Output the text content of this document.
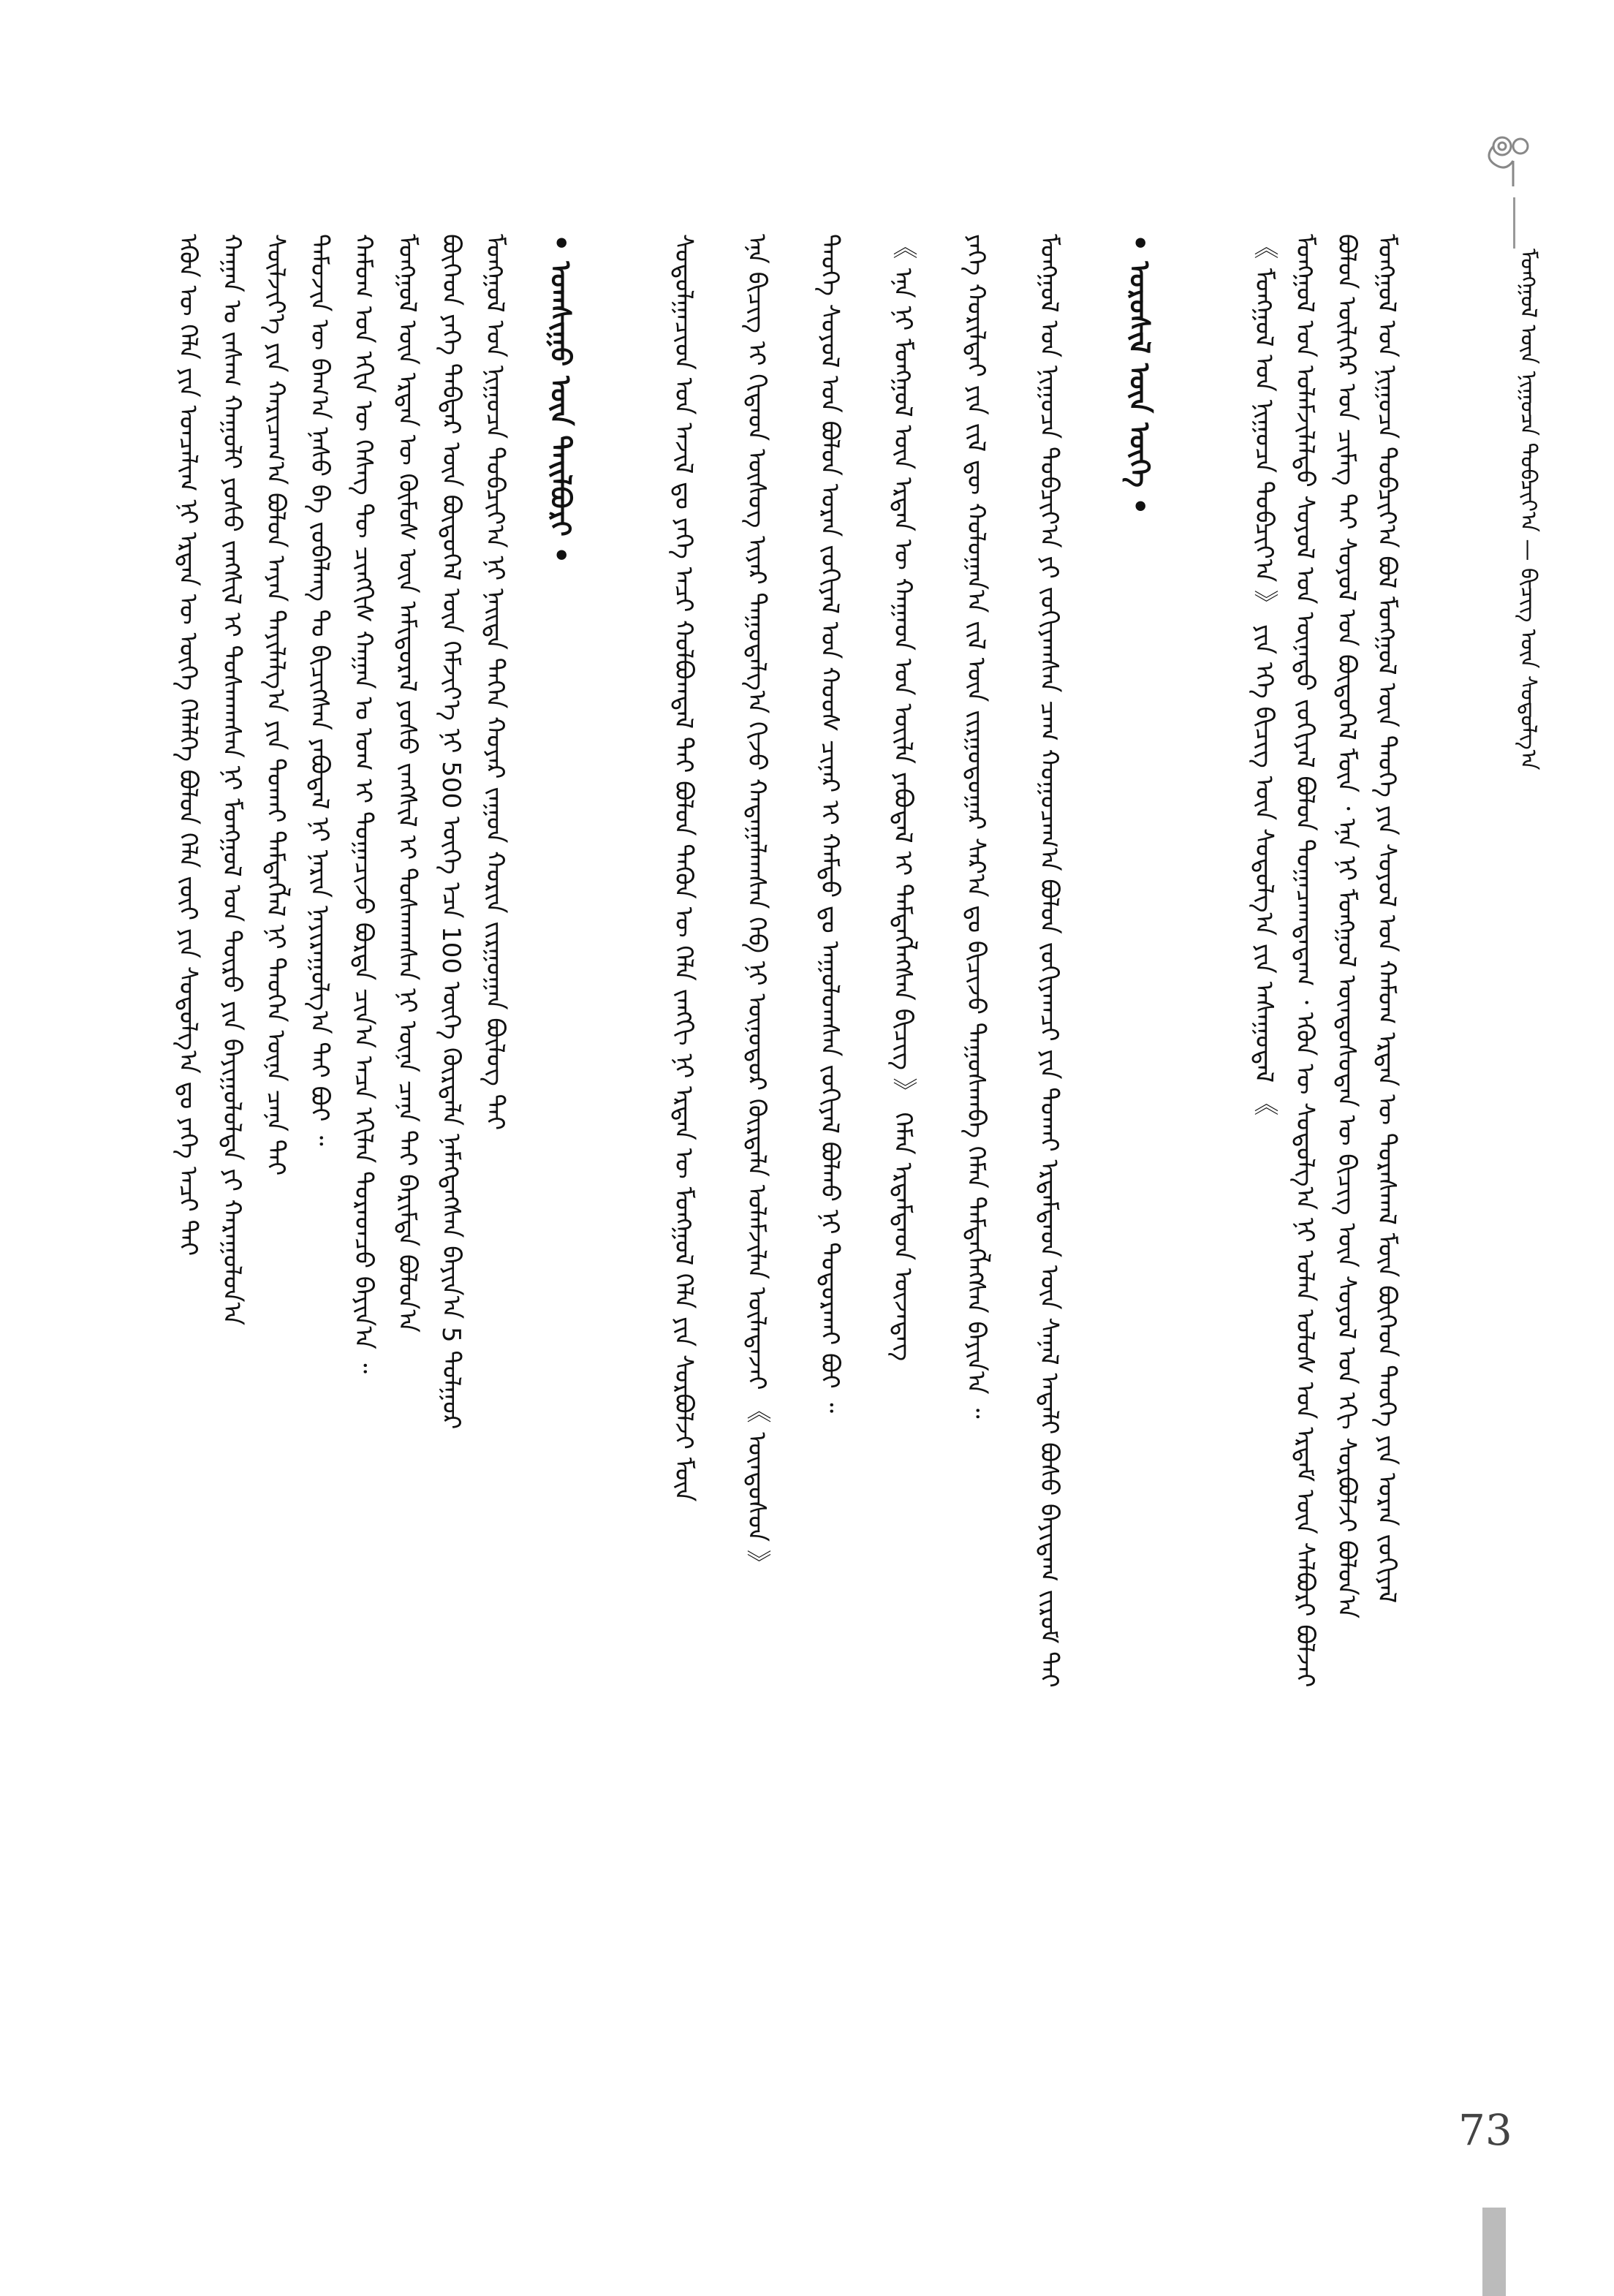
73
ᠮᠣᠩᠭᠣᠯ ᠦᠨ ᠨᠢᠭᠤᠴᠠ ᠲᠣᠪᠴᠢᠶ᠎ᠠ — ᠪᠢᠴᠢᠭ ᠦᠨ ᠰᠤᠳᠤᠯᠭ᠎ᠠ
ᠮᠣᠩᠭᠣᠯ ᠤᠨ ᠨᠢᠭᠤᠴᠠ ᠲᠣᠪᠴᠢᠶ᠎ᠠ ᠪᠣᠯ ᠮᠣᠩᠭᠣᠯ ᠦᠨ ᠲᠡᠦᠬᠡ ᠶᠢᠨ ᠰᠣᠶᠣᠯ ᠤᠨ ᠬᠠᠮᠤᠭ ᠡᠷᠲᠡᠨ ᠦ ᠳᠤᠷᠠᠰᠬᠠᠯ ᠮᠥᠨ ᠪᠥᠭᠡᠳ ᠲᠡᠦᠬᠡ ᠶᠢᠨ ᠤᠷᠠᠨ ᠵᠣᠬᠢᠶᠠᠯ
ᠪᠣᠯᠤᠨ ᠦᠯᠢᠭᠡᠷ ᠤᠨ ᠴᠢᠮᠡᠭ ᠲᠡᠢ ᠰᠣᠶᠣᠯ ᠤᠨ ᠪᠦᠲᠦᠭᠡᠯ ᠮᠥᠨ ᠂ ᠡᠨᠡ ᠨᠢ ᠮᠣᠩᠭᠣᠯ ᠦᠨᠳᠦᠰᠦᠲᠡᠨ ᠦ ᠪᠢᠴᠢᠭ ᠦᠨ ᠰᠣᠶᠣᠯ ᠤᠨ ᠡᠬᠢ ᠰᠤᠷᠪᠤᠯᠵᠢ ᠪᠣᠯᠤᠨ᠎ᠠ
ᠮᠣᠩᠭᠣᠯ ᠤᠨ ᠤᠯᠠᠮᠵᠢᠯᠠᠯᠲᠤ ᠰᠣᠶᠣᠯ ᠤᠨ ᠦᠨᠡᠲᠦ ᠵᠣᠬᠢᠶᠠᠯ ᠪᠣᠯᠤᠨ ᠲᠣᠭᠠᠴᠠᠭᠳᠠᠳᠠᠭ ᠂ ᠡᠭᠦᠨ ᠦ ᠰᠤᠳᠤᠯᠭ᠎ᠠ ᠨᠢ ᠣᠯᠠᠨ ᠤᠯᠤᠰ ᠤᠨ ᠡᠷᠳᠡᠮ ᠦᠨ ᠰᠠᠯᠪᠤᠷᠢ ᠪᠣᠯᠵᠠᠢ
《 ᠮᠣᠩᠭᠣᠯ ᠤᠨ ᠨᠢᠭᠤᠴᠠ ᠲᠣᠪᠴᠢᠶ᠎ᠠ 》 ᠶᠢᠨ ᠡᠬᠡ ᠪᠢᠴᠢᠭ ᠦᠨ ᠰᠤᠳᠤᠯᠭ᠎ᠠ ᠶᠢᠨ ᠠᠰᠠᠭᠤᠳᠠᠯ 《
• ᠣᠷᠣᠰᠢᠯ ᠦᠨ ᠦᠭᠡ •
ᠮᠣᠩᠭᠣᠯ ᠤᠨ ᠨᠢᠭᠤᠴᠠ ᠲᠣᠪᠴᠢᠶ᠎ᠠ ᠶᠢ ᠵᠣᠬᠢᠶᠠᠭᠰᠠᠨ ᠴᠠᠭ ᠬᠤᠭᠤᠴᠠᠭ᠎ᠠ ᠪᠣᠯᠤᠨ ᠵᠣᠬᠢᠶᠠᠭᠴᠢ ᠶᠢᠨ ᠲᠤᠬᠠᠢ ᠡᠷᠳᠡᠮᠲᠡᠳ ᠦᠨ ᠰᠠᠨᠠᠯ ᠠᠳᠠᠯᠢ ᠪᠤᠰᠤ ᠪᠠᠶᠢᠳᠠᠭ ᠵᠢᠷᠤᠮ ᠲᠠᠢ
ᠶᠡᠬᠡ ᠬᠣᠷᠢᠯᠳᠠᠢ ᠶᠢᠨ ᠵᠢᠯ ᠳᠦ ᠬᠤᠯᠤᠭᠠᠨ᠎ᠠ ᠵᠢᠯ ᠦᠨ ᠵᠢᠷᠭᠤᠳᠤᠭᠠᠷ ᠰᠠᠷ᠎ᠠ ᠳᠤ ᠪᠢᠴᠢᠵᠦ ᠳᠠᠭᠤᠰᠭᠠᠪᠠ ᠬᠡᠮᠡᠨ ᠲᠡᠮᠳᠡᠭᠯᠡᠭᠰᠡᠨ ᠪᠠᠶᠢᠨ᠎ᠠ ᠃
《 ᠡᠨᠡ ᠨᠢ ᠮᠣᠩᠭᠣᠯ ᠦᠨ ᠡᠷᠲᠡᠨ ᠦ ᠬᠠᠭᠠᠳ ᠤᠨ ᠦᠢᠯᠡ ᠶᠠᠪᠤᠳᠠᠯ ᠢ ᠲᠡᠮᠳᠡᠭᠯᠡᠭᠰᠡᠨ ᠪᠢᠴᠢᠭ 》 ᠬᠡᠮᠡᠨ ᠡᠷᠳᠡᠮᠲᠡᠳ ᠦᠵᠡᠳᠡᠭ
ᠲᠡᠦᠬᠡ ᠰᠣᠶᠣᠯ ᠤᠨ ᠪᠣᠯᠤᠨ ᠤᠷᠠᠨ ᠵᠣᠬᠢᠶᠠᠯ ᠤᠨ ᠬᠣᠣᠰ ᠴᠢᠨᠠᠷ ᠢ ᠬᠠᠮᠲᠤ ᠳᠤ ᠠᠭᠤᠯᠤᠭᠰᠠᠨ ᠵᠣᠬᠢᠶᠠᠯ ᠪᠣᠯᠬᠤ ᠨᠢ ᠲᠣᠳᠤᠷᠬᠠᠢ ᠪᠣᠢ ᠃
ᠡᠨᠡ ᠪᠢᠴᠢᠭ ᠢ ᠬᠢᠲᠠᠳ ᠦᠰᠦᠭ ᠢᠶᠡᠷ ᠳᠠᠭᠤᠳᠠᠯᠭ᠎ᠠ ᠬᠢᠵᠦ ᠬᠠᠳᠠᠭᠠᠯᠠᠭᠰᠠᠨ ᠬᠡᠪ ᠨᠢ ᠥᠨᠥᠳᠥᠷ ᠬᠦᠷᠲᠡᠯᠡ ᠤᠯᠠᠮᠵᠢᠯᠠᠨ ᠦᠯᠡᠳᠡᠵᠡᠢ 《 ᠦᠨᠳᠦᠰᠦᠨ 》
ᠰᠤᠳᠤᠯᠭᠠᠴᠢᠳ ᠤᠨ ᠠᠵᠢᠯ ᠳᠤ ᠶᠡᠬᠡ ᠠᠴᠢ ᠬᠣᠯᠪᠣᠭᠳᠠᠯ ᠲᠠᠢ ᠪᠣᠯᠤᠨ ᠲᠡᠭᠦᠨ ᠦ ᠬᠡᠯᠡ ᠵᠠᠩᠭᠢ ᠨᠢ ᠡᠷᠲᠡᠨ ᠦ ᠮᠣᠩᠭᠣᠯ ᠬᠡᠯᠡ ᠶᠢᠨ ᠰᠤᠷᠪᠤᠯᠵᠢ ᠮᠥᠨ
• ᠤᠭᠰᠢᠭᠤ ᠦᠨ ᠲᠠᠢᠯᠪᠤᠷᠢ •
ᠮᠣᠩᠭᠣᠯ ᠤᠨ ᠨᠢᠭᠤᠴᠠ ᠲᠣᠪᠴᠢᠶ᠎ᠠ ᠨᠢ ᠨᠡᠢᠲᠡ ᠳᠡᠭᠡᠨ ᠬᠣᠶᠠᠷ ᠵᠠᠭᠤᠨ ᠬᠣᠷᠢᠨ ᠵᠢᠷᠭᠤᠭᠠᠨ ᠪᠦᠯᠦᠭ ᠲᠡᠢ
ᠪᠥᠭᠡᠳ ᠶᠡᠬᠡ ᠳᠡᠪᠲᠡᠷ ᠦᠨ ᠪᠦᠲᠦᠭᠡᠯ ᠦᠨ ᠬᠡᠮᠵᠢᠶ᠎ᠡ ᠨᠢ 500 ᠦᠭᠡ ᠡᠴᠡ 100 ᠦᠭᠡ ᠬᠦᠷᠲᠡᠯᠡ ᠨᠡᠮᠡᠭᠳᠡᠭᠰᠡᠨ ᠪᠠᠶᠢᠨ᠎ᠠ 5 ᠲᠤᠯᠭᠤᠷ
ᠮᠣᠩᠭᠣᠯ ᠦᠨ ᠡᠷᠲᠡᠨ ᠦ ᠬᠦᠮᠦᠰ ᠦᠨ ᠠᠮᠢᠳᠤᠷᠠᠯ ᠶᠣᠰᠣ ᠵᠠᠩᠰᠢᠯ ᠢ ᠲᠤᠰᠬᠠᠭᠰᠠᠨ ᠨᠢ ᠦᠨᠡ ᠴᠡᠨᠡ ᠲᠡᠢ ᠪᠠᠷᠢᠮᠲᠠ ᠪᠣᠯᠤᠨ᠎ᠠ
ᠬᠠᠮᠤᠭ ᠤᠨ ᠡᠬᠢᠨ ᠦ ᠬᠡᠰᠡᠭ ᠲᠦ ᠴᠢᠩᠭᠢᠰ ᠬᠠᠭᠠᠨ ᠤ ᠤᠭ ᠢ ᠲᠣᠭᠠᠴᠢᠵᠤ ᠪᠣᠷᠲᠡ ᠴᠢᠨ᠎ᠠ ᠠᠴᠠ ᠡᠬᠢᠯᠡᠨ ᠳᠤᠷᠠᠳᠴᠤ ᠪᠠᠶᠢᠨ᠎ᠠ ᠃
ᠲᠡᠮᠦᠵᠢᠨ ᠦ ᠪᠠᠭ᠎ᠠ ᠨᠠᠰᠤ ᠪᠠ ᠵᠣᠪᠠᠯᠠᠩ ᠲᠤ ᠪᠢᠴᠢᠭᠰᠡᠨ ᠶᠠᠪᠤᠳᠠᠯ ᠨᠢ ᠨᠠᠷᠢᠨ ᠨᠠᠶᠢᠷᠠᠭᠤᠯᠭ᠎ᠠ ᠲᠠᠢ ᠪᠣᠢ ᠃
ᠰᠦᠯᠵᠢᠶ᠎ᠡ ᠶᠢᠨ ᠬᠠᠷᠢᠴᠠᠭ᠎ᠠ ᠪᠣᠯᠤᠨ ᠠᠶᠠᠨ ᠳᠠᠶᠢᠯᠠᠯᠭ᠎ᠠ ᠶᠢᠨ ᠲᠤᠬᠠᠢ ᠲᠡᠮᠳᠡᠭᠯᠡᠯ ᠨᠢ ᠲᠡᠦᠬᠡᠨ ᠦᠨᠡ ᠴᠡᠨᠡ ᠲᠡᠢ
ᠬᠠᠭᠠᠨ ᠤ ᠵᠠᠰᠠᠭ ᠬᠠᠭᠤᠯᠢ ᠶᠣᠰᠣ ᠵᠠᠩᠰᠢᠯ ᠢ ᠲᠤᠰᠬᠠᠭᠰᠠᠨ ᠨᠢ ᠮᠣᠩᠭᠣᠯ ᠤᠨ ᠲᠥᠷᠦ ᠶᠢᠨ ᠪᠠᠶᠢᠭᠤᠯᠤᠯᠲᠠ ᠶᠢ ᠬᠠᠷᠠᠭᠤᠯᠤᠨ᠎ᠠ
ᠡᠭᠦᠨ ᠦ ᠬᠡᠯᠡ ᠶᠢᠨ ᠣᠨᠴᠠᠯᠢᠭ ᠨᠢ ᠡᠷᠲᠡᠨ ᠦ ᠦᠭᠡ ᠬᠡᠯᠡᠯᠭᠡ ᠪᠣᠯᠤᠨ ᠬᠡᠯᠡ ᠵᠦᠢ ᠶᠢᠨ ᠰᠤᠳᠤᠯᠭ᠎ᠠ ᠳᠤ ᠶᠡᠬᠡ ᠠᠴᠢ ᠲᠡᠢ
